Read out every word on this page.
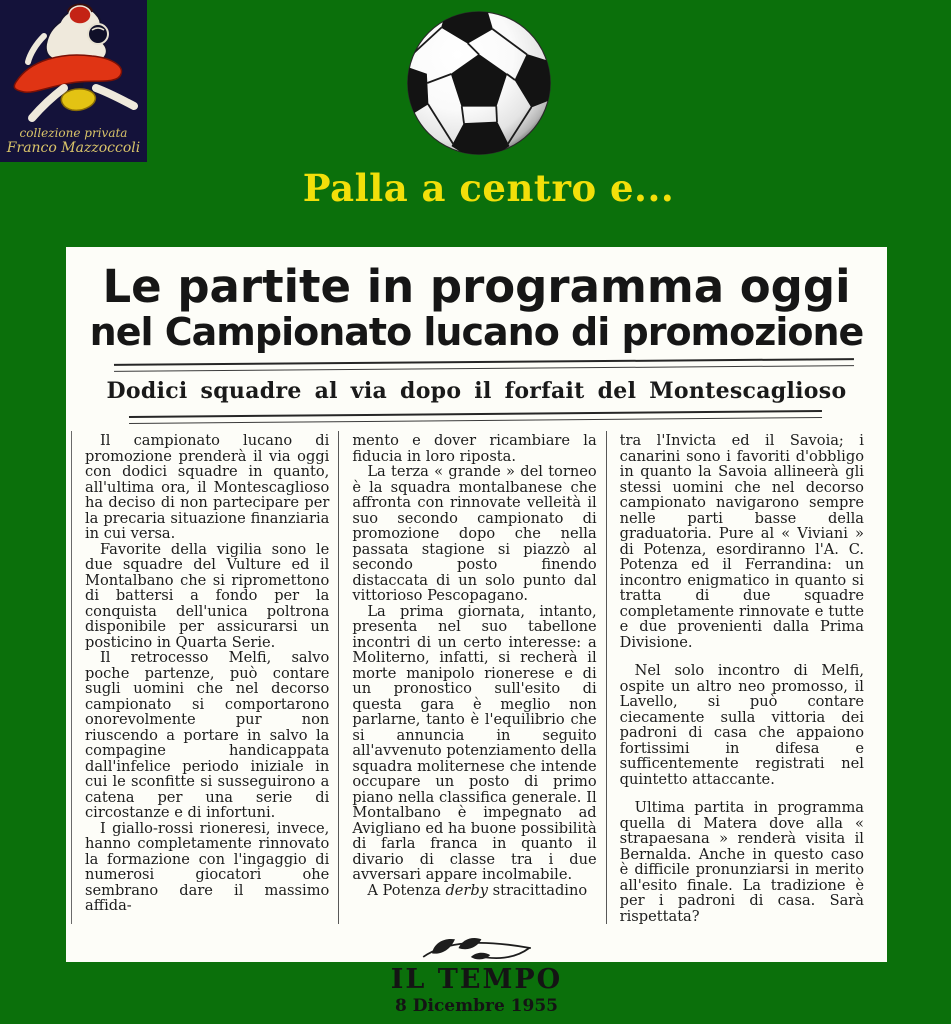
collezione privata
Franco Mazzoccoli
Palla a centro e...
Le partite in programma oggi
nel Campionato lucano di promozione
Dodici squadre al via dopo il forfait del Montescaglioso

Il campionato lucano di promozione prenderà il via oggi con dodici squadre in quanto, all'ultima ora, il Montescaglioso ha deciso di non partecipare per la precaria situazione finanziaria in cui versa.

Favorite della vigilia sono le due squadre del Vulture ed il Montalbano che si ripromettono di battersi a fondo per la conquista dell'unica poltrona disponibile per assicurarsi un posticino in Quarta Serie.

Il retrocesso Melfi, salvo poche partenze, può contare sugli uomini che nel decorso campionato si comportarono onorevolmente pur non riuscendo a portare in salvo la compagine handicappata dall'infelice periodo iniziale in cui le sconfitte si susseguirono a catena per una serie di circostanze e di infortuni.

I giallo-rossi rioneresi, invece, hanno completamente rinnovato la formazione con l'ingaggio di numerosi giocatori ohe sembrano dare il massimo affida-

mento e dover ricambiare la fiducia in loro riposta.

La terza « grande » del torneo è la squadra montalbanese che affronta con rinnovate velleità il suo secondo campionato di promozione dopo che nella passata stagione si piazzò al secondo posto finendo distaccata di un solo punto dal vittorioso Pescopagano.

La prima giornata, intanto, presenta nel suo tabellone incontri di un certo interesse: a Moliterno, infatti, si recherà il morte manipolo rionerese e di un pronostico sull'esito di questa gara è meglio non parlarne, tanto è l'equilibrio che si annuncia in seguito all'avvenuto potenziamento della squadra moliternese che intende occupare un posto di primo piano nella classifica generale. Il Montalbano è impegnato ad Avigliano ed ha buone possibilità di farla franca in quanto il divario di classe tra i due avversari appare incolmabile.

A Potenza derby stracittadino

tra l'Invicta ed il Savoia; i canarini sono i favoriti d'obbligo in quanto la Savoia allineerà gli stessi uomini che nel decorso campionato navigarono sempre nelle parti basse della graduatoria. Pure al « Viviani » di Potenza, esordiranno l'A. C. Potenza ed il Ferrandina: un incontro enigmatico in quanto si tratta di due squadre completamente rinnovate e tutte e due provenienti dalla Prima Divisione.

Nel solo incontro di Melfi, ospite un altro neo promosso, il Lavello, si può contare ciecamente sulla vittoria dei padroni di casa che appaiono fortissimi in difesa e sufficentemente registrati nel quintetto attaccante.

Ultima partita in programma quella di Matera dove alla « strapaesana » renderà visita il Bernalda. Anche in questo caso è difficile pronunziarsi in merito all'esito finale. La tradizione è per i padroni di casa. Sarà rispettata?

IL TEMPO
8 Dicembre 1955
